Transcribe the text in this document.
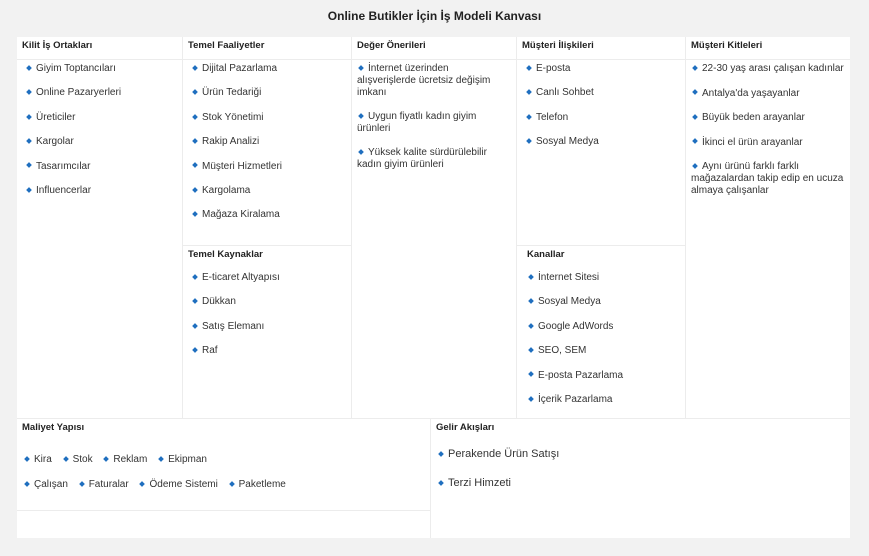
Online Butikler İçin İş Modeli Kanvası
Kilit İş Ortakları
Giyim Toptancıları
Online Pazaryerleri
Üreticiler
Kargolar
Tasarımcılar
Influencerlar
Temel Faaliyetler
Dijital Pazarlama
Ürün Tedariği
Stok Yönetimi
Rakip Analizi
Müşteri Hizmetleri
Kargolama
Mağaza Kiralama
Temel Kaynaklar
E-ticaret Altyapısı
Dükkan
Satış Elemanı
Raf
Değer Önerileri
İnternet üzerinden alışverişlerde ücretsiz değişim imkanı
Uygun fiyatlı kadın giyim ürünleri
Yüksek kalite sürdürülebilir kadın giyim ürünleri
Müşteri İlişkileri
E-posta
Canlı Sohbet
Telefon
Sosyal Medya
Kanallar
İnternet Sitesi
Sosyal Medya
Google AdWords
SEO, SEM
E-posta Pazarlama
İçerik Pazarlama
Müşteri Kitleleri
22-30 yaş arası çalışan kadınlar
Antalya'da yaşayanlar
Büyük beden arayanlar
İkinci el ürün arayanlar
Aynı ürünü farklı farklı mağazalardan takip edip en ucuza almaya çalışanlar
Maliyet Yapısı
Kira Stok Reklam Ekipman
Çalışan Faturalar Ödeme Sistemi Paketleme
Gelir Akışları
Perakende Ürün Satışı
Terzi Himzeti
